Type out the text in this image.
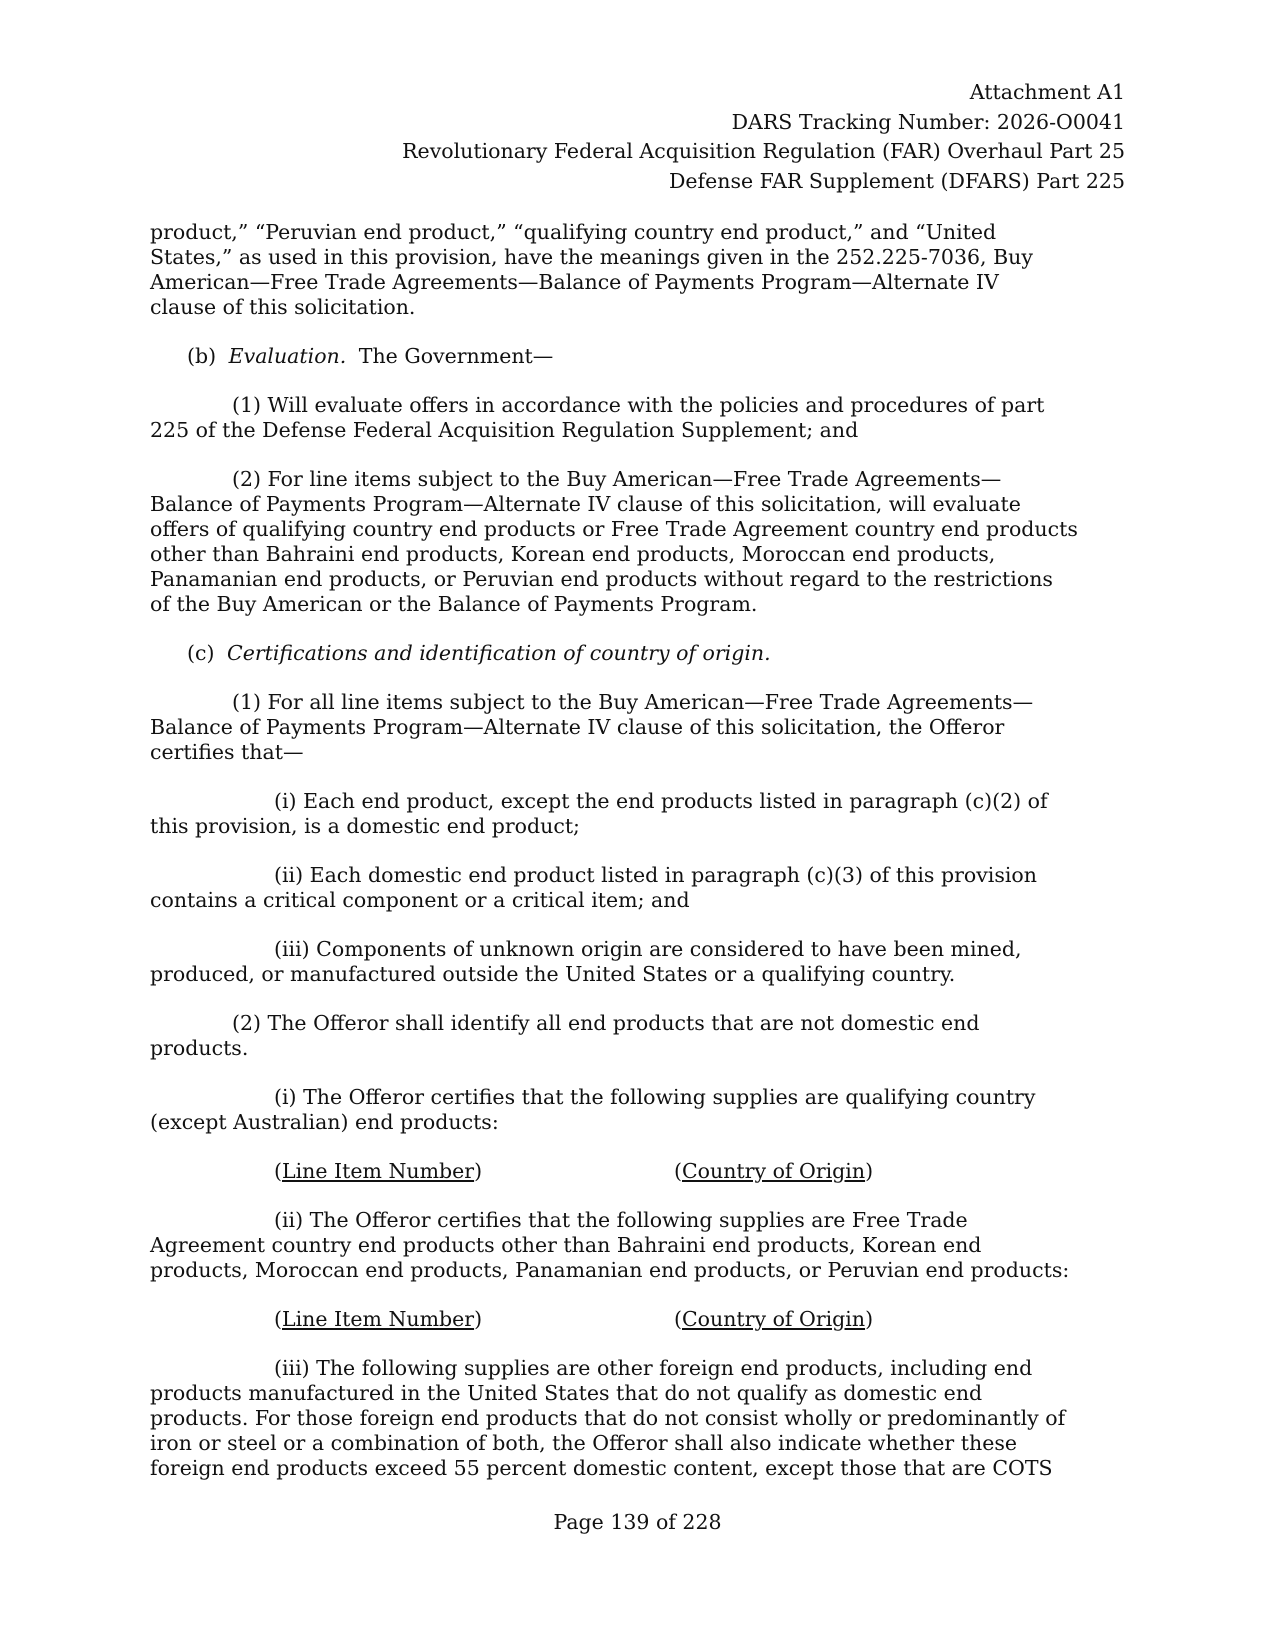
Attachment A1
DARS Tracking Number: 2026-O0041
Revolutionary Federal Acquisition Regulation (FAR) Overhaul Part 25
Defense FAR Supplement (DFARS) Part 225

product,” “Peruvian end product,” “qualifying country end product,” and “United
States,” as used in this provision, have the meanings given in the 252.225-7036, Buy
American—Free Trade Agreements—Balance of Payments Program—Alternate IV
clause of this solicitation.

(b) Evaluation. The Government—

(1) Will evaluate offers in accordance with the policies and procedures of part
225 of the Defense Federal Acquisition Regulation Supplement; and

(2) For line items subject to the Buy American—Free Trade Agreements—
Balance of Payments Program—Alternate IV clause of this solicitation, will evaluate
offers of qualifying country end products or Free Trade Agreement country end products
other than Bahraini end products, Korean end products, Moroccan end products,
Panamanian end products, or Peruvian end products without regard to the restrictions
of the Buy American or the Balance of Payments Program.

(c) Certifications and identification of country of origin.

(1) For all line items subject to the Buy American—Free Trade Agreements—
Balance of Payments Program—Alternate IV clause of this solicitation, the Offeror
certifies that—

(i) Each end product, except the end products listed in paragraph (c)(2) of
this provision, is a domestic end product;

(ii) Each domestic end product listed in paragraph (c)(3) of this provision
contains a critical component or a critical item; and

(iii) Components of unknown origin are considered to have been mined,
produced, or manufactured outside the United States or a qualifying country.

(2) The Offeror shall identify all end products that are not domestic end
products.

(i) The Offeror certifies that the following supplies are qualifying country
(except Australian) end products:

(Line Item Number)	(Country of Origin)

(ii) The Offeror certifies that the following supplies are Free Trade
Agreement country end products other than Bahraini end products, Korean end
products, Moroccan end products, Panamanian end products, or Peruvian end products:

(Line Item Number)	(Country of Origin)

(iii) The following supplies are other foreign end products, including end
products manufactured in the United States that do not qualify as domestic end
products. For those foreign end products that do not consist wholly or predominantly of
iron or steel or a combination of both, the Offeror shall also indicate whether these
foreign end products exceed 55 percent domestic content, except those that are COTS

Page 139 of 228
